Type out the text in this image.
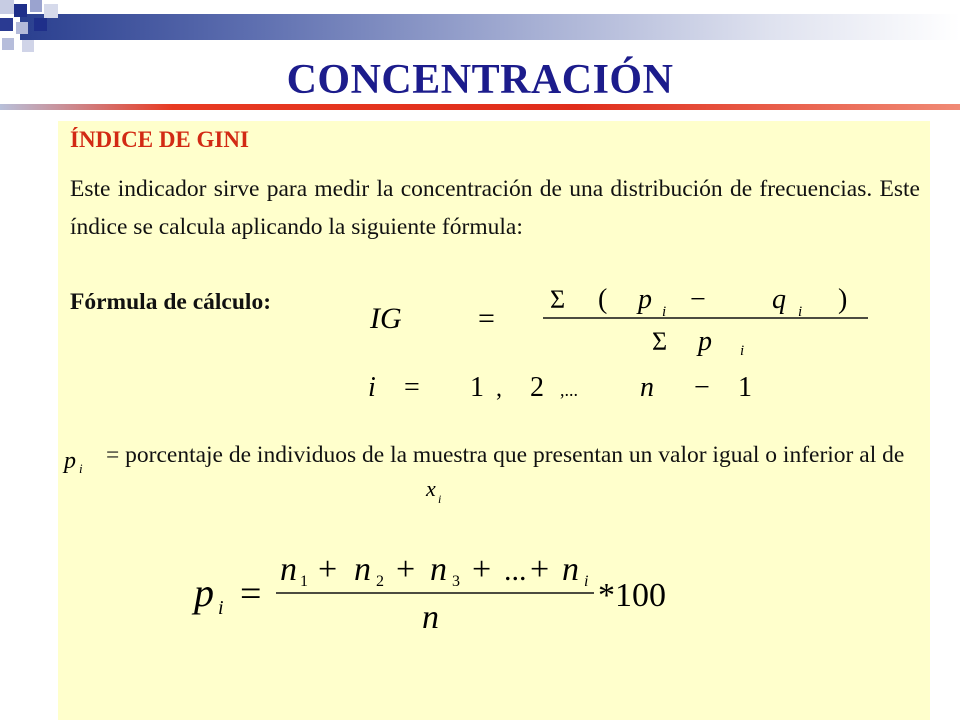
CONCENTRACIÓN
ÍNDICE DE GINI
Este indicador sirve para medir la concentración de una distribución de frecuencias. Este índice se calcula aplicando la siguiente fórmula:
Fórmula de cálculo:	IG	=
Σ ( p i − q i )
Σ p i
i = 1 , 2 ,... n − 1
p i
= porcentaje de individuos de la muestra que presentan un valor igual o inferior al de
x i
p i =
n 1 + n 2 + n 3 + ... + n i
n
*100
